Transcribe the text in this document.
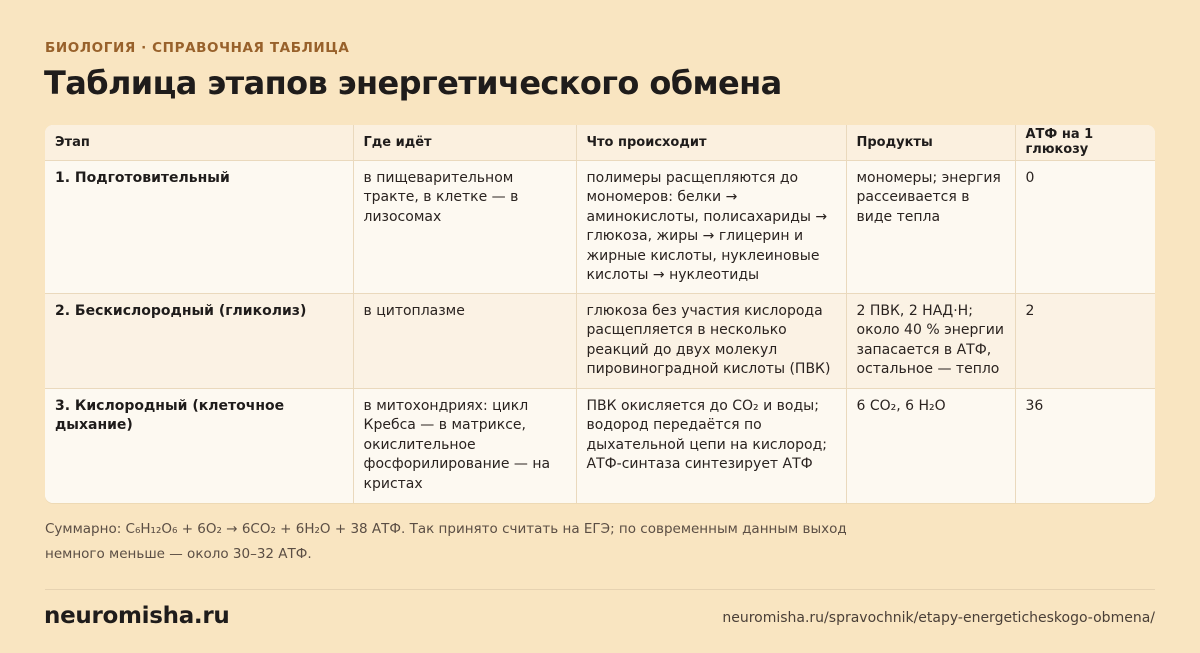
БИОЛОГИЯ · СПРАВОЧНАЯ ТАБЛИЦА
Таблица этапов энергетического обмена
Этап	Где идёт	Что происходит	Продукты	АТФ на 1 глюкозу
1. Подготовительный	в пищеварительном тракте, в клетке — в лизосомах	полимеры расщепляются до мономеров: белки → аминокислоты, полисахариды → глюкоза, жиры → глицерин и жирные кислоты, нуклеиновые кислоты → нуклеотиды	мономеры; энергия рассеивается в виде тепла	0
2. Бескислородный (гликолиз)	в цитоплазме	глюкоза без участия кислорода расщепляется в несколько реакций до двух молекул пировиноградной кислоты (ПВК)	2 ПВК, 2 НАД·Н; около 40 % энергии запасается в АТФ, остальное — тепло	2
3. Кислородный (клеточное дыхание)	в митохондриях: цикл Кребса — в матриксе, окислительное фосфорилирование — на кристах	ПВК окисляется до CO₂ и воды; водород передаётся по дыхательной цепи на кислород; АТФ-синтаза синтезирует АТФ	6 CO₂, 6 H₂O	36

Суммарно: C₆H₁₂O₆ + 6O₂ → 6CO₂ + 6H₂O + 38 АТФ. Так принято считать на ЕГЭ; по современным данным выход немного меньше — около 30–32 АТФ.

neuromisha.ru	neuromisha.ru/spravochnik/etapy-energeticheskogo-obmena/
